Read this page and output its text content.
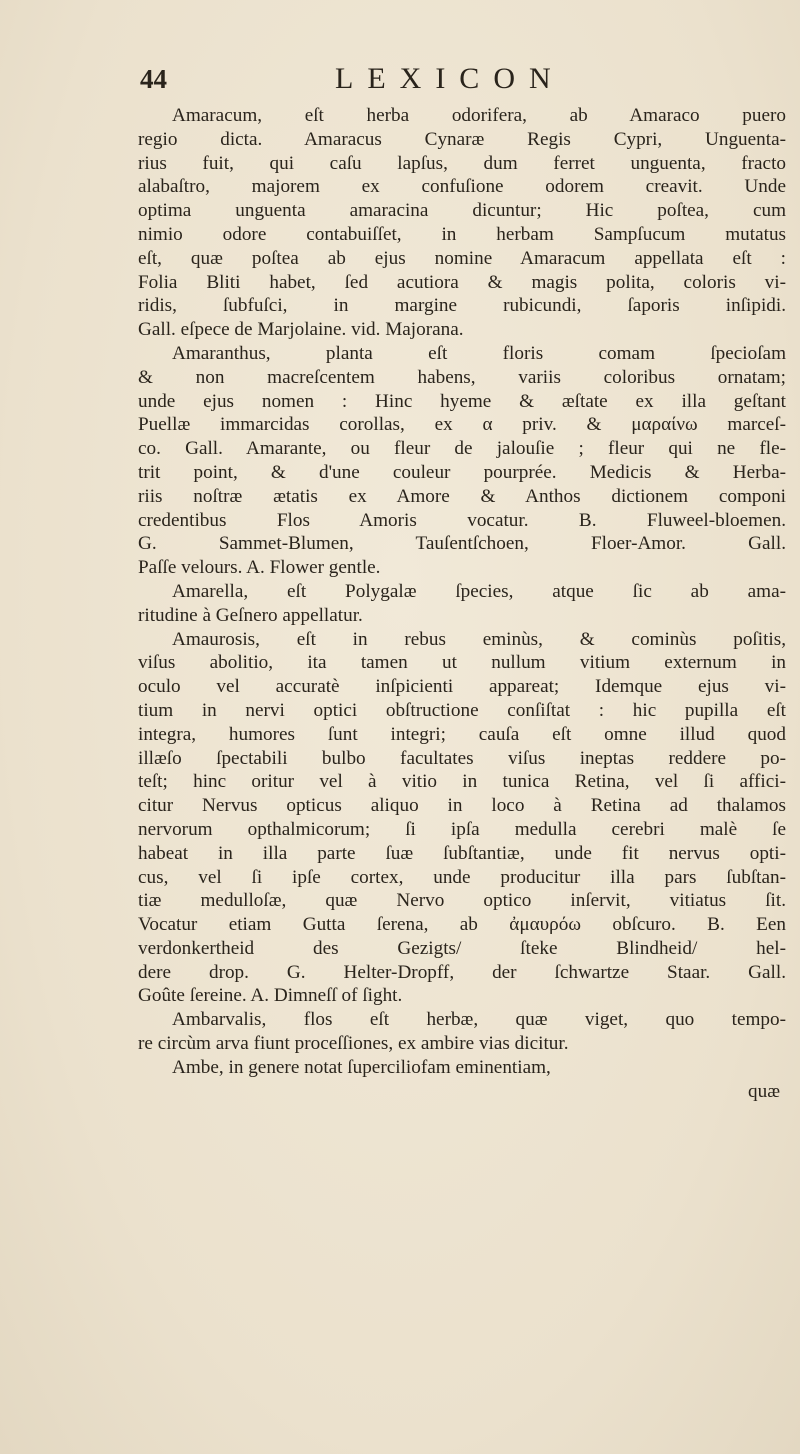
44	LEXICON
Amaracum, eſt herba odorifera, ab Amaraco puero
regio dicta. Amaracus Cynaræ Regis Cypri, Unguenta-
rius fuit, qui caſu lapſus, dum ferret unguenta, fracto
alabaſtro, majorem ex confuſione odorem creavit. Unde
optima unguenta amaracina dicuntur; Hic poſtea, cum
nimio odore contabuiſſet, in herbam Sampſucum mutatus
eſt, quæ poſtea ab ejus nomine Amaracum appellata eſt :
Folia Bliti habet, ſed acutiora & magis polita, coloris vi-
ridis, ſubfuſci, in margine rubicundi, ſaporis inſipidi.
Gall. eſpece de Marjolaine. vid. Majorana.
Amaranthus, planta eſt floris comam ſpecioſam
& non macreſcentem habens, variis coloribus ornatam;
unde ejus nomen : Hinc hyeme & æſtate ex illa geſtant
Puellæ immarcidas corollas, ex α priv. & μαραίνω marceſ-
co. Gall. Amarante, ou fleur de jalouſie ; fleur qui ne fle-
trit point, & d'une couleur pourprée. Medicis & Herba-
riis noſtræ ætatis ex Amore & Anthos dictionem componi
credentibus Flos Amoris vocatur. B. Fluweel-bloemen.
G. Sammet-Blumen, Tauſentſchoen, Floer-Amor. Gall.
Paſſe velours. A. Flower gentle.
Amarella, eſt Polygalæ ſpecies, atque ſic ab ama-
ritudine à Geſnero appellatur.
Amaurosis, eſt in rebus eminùs, & cominùs poſitis,
viſus abolitio, ita tamen ut nullum vitium externum in
oculo vel accuratè inſpicienti appareat; Idemque ejus vi-
tium in nervi optici obſtructione conſiſtat : hic pupilla eſt
integra, humores ſunt integri; cauſa eſt omne illud quod
illæſo ſpectabili bulbo facultates viſus ineptas reddere po-
teſt; hinc oritur vel à vitio in tunica Retina, vel ſi affici-
citur Nervus opticus aliquo in loco à Retina ad thalamos
nervorum opthalmicorum; ſi ipſa medulla cerebri malè ſe
habeat in illa parte ſuæ ſubſtantiæ, unde fit nervus opti-
cus, vel ſi ipſe cortex, unde producitur illa pars ſubſtan-
tiæ medulloſæ, quæ Nervo optico inſervit, vitiatus ſit.
Vocatur etiam Gutta ſerena, ab ἀμαυρόω obſcuro. B. Een
verdonkertheid des Gezigts/ ſteke Blindheid/ hel-
dere drop. G. Helter-Dropff, der ſchwartze Staar. Gall.
Goûte ſereine. A. Dimneſſ of ſight.
Ambarvalis, flos eſt herbæ, quæ viget, quo tempo-
re circùm arva fiunt proceſſiones, ex ambire vias dicitur.
Ambe, in genere notat ſuperciliofam eminentiam,
quæ
